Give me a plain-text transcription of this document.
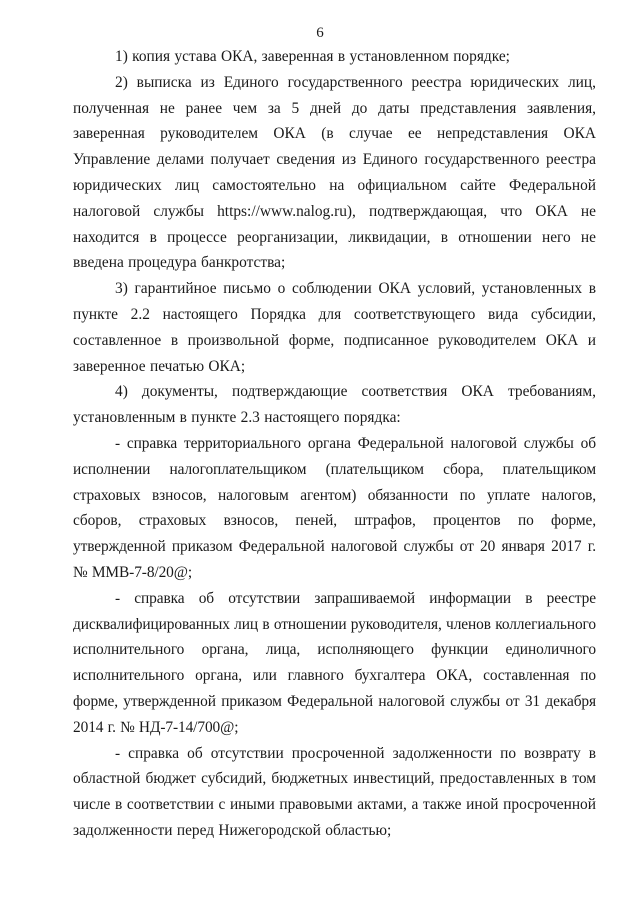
6

1) копия устава ОКА, заверенная в установленном порядке;

2) выписка из Единого государственного реестра юридических лиц, полученная не ранее чем за 5 дней до даты представления заявления, заверенная руководителем ОКА (в случае ее непредставления ОКА Управление делами получает сведения из Единого государственного реестра юридических лиц самостоятельно на официальном сайте Федеральной налоговой службы https://www.nalog.ru), подтверждающая, что ОКА не находится в процессе реорганизации, ликвидации, в отношении него не введена процедура банкротства;

3) гарантийное письмо о соблюдении ОКА условий, установленных в пункте 2.2 настоящего Порядка для соответствующего вида субсидии, составленное в произвольной форме, подписанное руководителем ОКА и заверенное печатью ОКА;

4) документы, подтверждающие соответствия ОКА требованиям, установленным в пункте 2.3 настоящего порядка:

- справка территориального органа Федеральной налоговой службы об исполнении налогоплательщиком (плательщиком сбора, плательщиком страховых взносов, налоговым агентом) обязанности по уплате налогов, сборов, страховых взносов, пеней, штрафов, процентов по форме, утвержденной приказом Федеральной налоговой службы от 20 января 2017 г. № ММВ-7-8/20@;

- справка об отсутствии запрашиваемой информации в реестре дисквалифицированных лиц в отношении руководителя, членов коллегиального исполнительного органа, лица, исполняющего функции единоличного исполнительного органа, или главного бухгалтера ОКА, составленная по форме, утвержденной приказом Федеральной налоговой службы от 31 декабря 2014 г. № НД-7-14/700@;

- справка об отсутствии просроченной задолженности по возврату в областной бюджет субсидий, бюджетных инвестиций, предоставленных в том числе в соответствии с иными правовыми актами, а также иной просроченной задолженности перед Нижегородской областью;
